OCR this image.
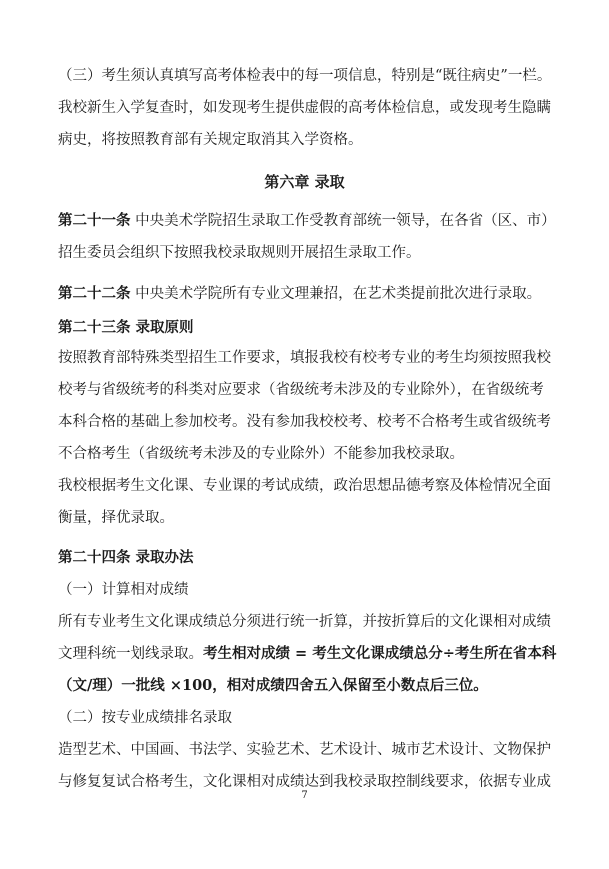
（三）考生须认真填写高考体检表中的每一项信息，特别是“既往病史”一栏。
我校新生入学复查时，如发现考生提供虚假的高考体检信息，或发现考生隐瞒
病史，将按照教育部有关规定取消其入学资格。
第六章 录取
第二十一条 中央美术学院招生录取工作受教育部统一领导，在各省（区、市）
招生委员会组织下按照我校录取规则开展招生录取工作。
第二十二条 中央美术学院所有专业文理兼招，在艺术类提前批次进行录取。
第二十三条 录取原则
按照教育部特殊类型招生工作要求，填报我校有校考专业的考生均须按照我校
校考与省级统考的科类对应要求（省级统考未涉及的专业除外），在省级统考
本科合格的基础上参加校考。没有参加我校校考、校考不合格考生或省级统考
不合格考生（省级统考未涉及的专业除外）不能参加我校录取。
我校根据考生文化课、专业课的考试成绩，政治思想品德考察及体检情况全面
衡量，择优录取。
第二十四条 录取办法
（一）计算相对成绩
所有专业考生文化课成绩总分须进行统一折算，并按折算后的文化课相对成绩
文理科统一划线录取。考生相对成绩 = 考生文化课成绩总分÷考生所在省本科
（文/理）一批线 ×100，相对成绩四舍五入保留至小数点后三位。
（二）按专业成绩排名录取
造型艺术、中国画、书法学、实验艺术、艺术设计、城市艺术设计、文物保护
与修复复试合格考生，文化课相对成绩达到我校录取控制线要求，依据专业成
7
